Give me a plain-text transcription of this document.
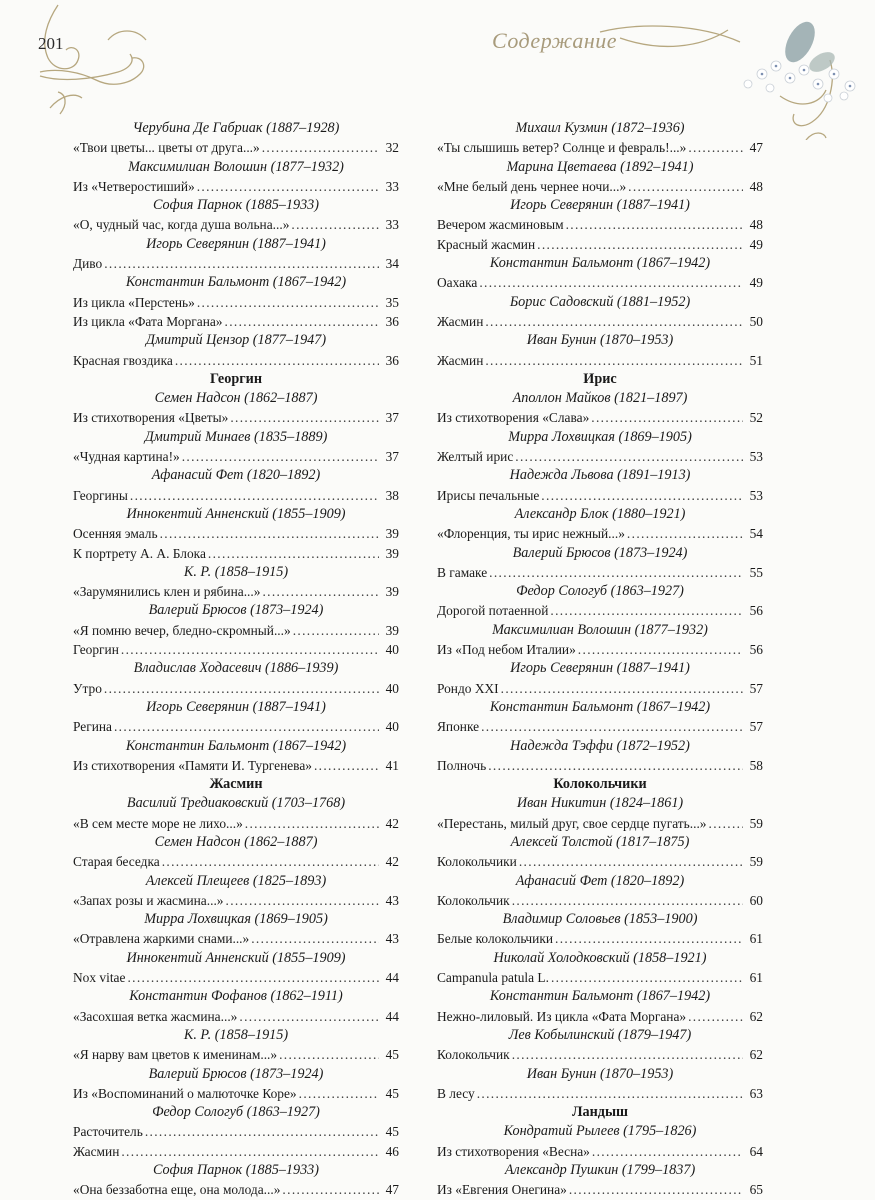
201	Содержание
Черубина Де Габриак (1887–1928)
«Твои цветы... цветы от друга...» . . .	32
Максимилиан Волошин (1877–1932)
Из «Четверостиший» . . .	33
София Парнок (1885–1933)
«О, чудный час, когда душа вольна...» . . .	33
Игорь Северянин (1887–1941)
Диво . . .	34
Константин Бальмонт (1867–1942)
Из цикла «Перстень» . . .	35
Из цикла «Фата Моргана» . . .	36
Дмитрий Цензор (1877–1947)
Красная гвоздика . . .	36
Георгин
Семен Надсон (1862–1887)
Из стихотворения «Цветы» . . .	37
Дмитрий Минаев (1835–1889)
«Чудная картина!» . . .	37
Афанасий Фет (1820–1892)
Георгины . . .	38
Иннокентий Анненский (1855–1909)
Осенняя эмаль . . .	39
К портрету А. А. Блока . . .	39
К. Р. (1858–1915)
«Зарумянились клен и рябина...» . . .	39
Валерий Брюсов (1873–1924)
«Я помню вечер, бледно-скромный...» . . .	39
Георгин . . .	40
Владислав Ходасевич (1886–1939)
Утро . . .	40
Игорь Северянин (1887–1941)
Регина . . .	40
Константин Бальмонт (1867–1942)
Из стихотворения «Памяти И. Тургенева» . . .	41
Жасмин
Василий Тредиаковский (1703–1768)
«В сем месте море не лихо...» . . .	42
Семен Надсон (1862–1887)
Старая беседка . . .	42
Алексей Плещеев (1825–1893)
«Запах розы и жасмина...» . . .	43
Мирра Лохвицкая (1869–1905)
«Отравлена жаркими снами...» . . .	43
Иннокентий Анненский (1855–1909)
Nox vitae . . .	44
Константин Фофанов (1862–1911)
«Засохшая ветка жасмина...» . . .	44
К. Р. (1858–1915)
«Я нарву вам цветов к именинам...» . . .	45
Валерий Брюсов (1873–1924)
Из «Воспоминаний о малюточке Коре» . . .	45
Федор Сологуб (1863–1927)
Расточитель . . .	45
Жасмин . . .	46
София Парнок (1885–1933)
«Она беззаботна еще, она молода...» . . .	47
Михаил Кузмин (1872–1936)
«Ты слышишь ветер? Солнце и февраль!...» . . .	47
Марина Цветаева (1892–1941)
«Мне белый день чернее ночи...» . . .	48
Игорь Северянин (1887–1941)
Вечером жасминовым . . .	48
Красный жасмин . . .	49
Константин Бальмонт (1867–1942)
Оахака . . .	49
Борис Садовский (1881–1952)
Жасмин . . .	50
Иван Бунин (1870–1953)
Жасмин . . .	51
Ирис
Аполлон Майков (1821–1897)
Из стихотворения «Слава» . . .	52
Мирра Лохвицкая (1869–1905)
Желтый ирис . . .	53
Надежда Львова (1891–1913)
Ирисы печальные . . .	53
Александр Блок (1880–1921)
«Флоренция, ты ирис нежный...» . . .	54
Валерий Брюсов (1873–1924)
В гамаке . . .	55
Федор Сологуб (1863–1927)
Дорогой потаенной . . .	56
Максимилиан Волошин (1877–1932)
Из «Под небом Италии» . . .	56
Игорь Северянин (1887–1941)
Рондо XXI . . .	57
Константин Бальмонт (1867–1942)
Японке . . .	57
Надежда Тэффи (1872–1952)
Полночь . . .	58
Колокольчики
Иван Никитин (1824–1861)
«Перестань, милый друг, свое сердце пугать...» . . .	59
Алексей Толстой (1817–1875)
Колокольчики . . .	59
Афанасий Фет (1820–1892)
Колокольчик . . .	60
Владимир Соловьев (1853–1900)
Белые колокольчики . . .	61
Николай Холодковский (1858–1921)
Campanula patula L. . . .	61
Константин Бальмонт (1867–1942)
Нежно-лиловый. Из цикла «Фата Моргана» . . .	62
Лев Кобылинский (1879–1947)
Колокольчик . . .	62
Иван Бунин (1870–1953)
В лесу . . .	63
Ландыш
Кондратий Рылеев (1795–1826)
Из стихотворения «Весна» . . .	64
Александр Пушкин (1799–1837)
Из «Евгения Онегина» . . .	65
